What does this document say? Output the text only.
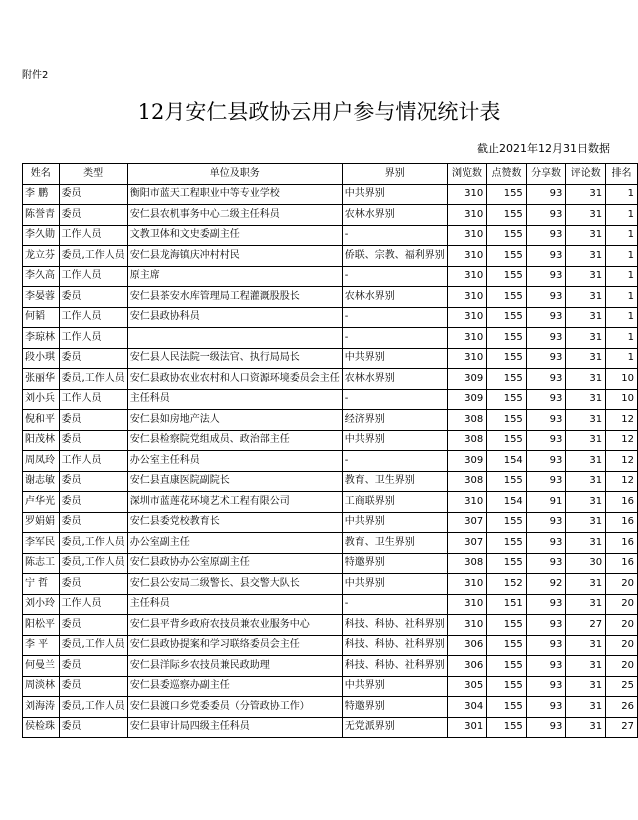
附件2
12月安仁县政协云用户参与情况统计表
截止2021年12月31日数据
姓名	类型	单位及职务	界别	浏览数	点赞数	分享数	评论数	排名
李 鹏	委员	衡阳市蓝天工程职业中等专业学校	中共界别	310	155	93	31	1
陈誉青	委员	安仁县农机事务中心二级主任科员	农林水界别	310	155	93	31	1
李久勋	工作人员	文教卫体和文史委副主任	-	310	155	93	31	1
龙立芬	委员,工作人员	安仁县龙海镇庆冲村村民	侨联、宗教、福利界别	310	155	93	31	1
李久高	工作人员	原主席	-	310	155	93	31	1
李晏蓉	委员	安仁县茶安水库管理局工程灌溉股股长	农林水界别	310	155	93	31	1
何韬	工作人员	安仁县政协科员	-	310	155	93	31	1
李琼林	工作人员		-	310	155	93	31	1
段小琪	委员	安仁县人民法院一级法官、执行局局长	中共界别	310	155	93	31	1
张丽华	委员,工作人员	安仁县政协农业农村和人口资源环境委员会主任	农林水界别	309	155	93	31	10
刘小兵	工作人员	主任科员	-	309	155	93	31	10
倪和平	委员	安仁县如房地产法人	经济界别	308	155	93	31	12
阳茂林	委员	安仁县检察院党组成员、政治部主任	中共界别	308	155	93	31	12
周凤玲	工作人员	办公室主任科员	-	309	154	93	31	12
谢志敏	委员	安仁县直康医院副院长	教育、卫生界别	308	155	93	31	12
卢华光	委员	深圳市蓝莲花环境艺术工程有限公司	工商联界别	310	154	91	31	16
罗娟娟	委员	安仁县委党校教育长	中共界别	307	155	93	31	16
李军民	委员,工作人员	办公室副主任	教育、卫生界别	307	155	93	31	16
陈志工	委员,工作人员	安仁县政协办公室原副主任	特邀界别	308	155	93	30	16
宁 哲	委员	安仁县公安局二级警长、县交警大队长	中共界别	310	152	92	31	20
刘小玲	工作人员	主任科员	-	310	151	93	31	20
阳松平	委员	安仁县平背乡政府农技员兼农业服务中心	科技、科协、社科界别	310	155	93	27	20
李 平	委员,工作人员	安仁县政协提案和学习联络委员会主任	科技、科协、社科界别	306	155	93	31	20
何曼兰	委员	安仁县洋际乡农技员兼民政助理	科技、科协、社科界别	306	155	93	31	20
周淡林	委员	安仁县委巡察办副主任	中共界别	305	155	93	31	25
刘海涛	委员,工作人员	安仁县渡口乡党委委员（分管政协工作）	特邀界别	304	155	93	31	26
侯检珠	委员	安仁县审计局四级主任科员	无党派界别	301	155	93	31	27
